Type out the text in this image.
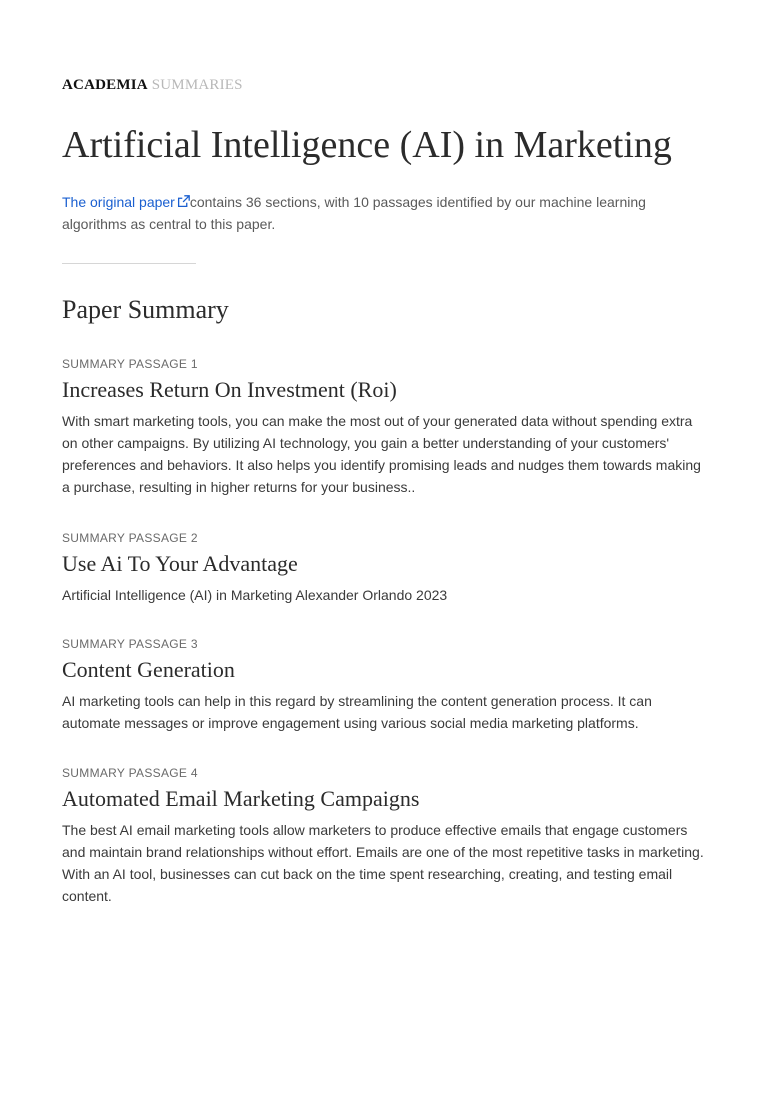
ACADEMIA SUMMARIES
Artificial Intelligence (AI) in Marketing
The original paper contains 36 sections, with 10 passages identified by our machine learning algorithms as central to this paper.
Paper Summary
SUMMARY PASSAGE 1
Increases Return On Investment (Roi)
With smart marketing tools, you can make the most out of your generated data without spending extra on other campaigns. By utilizing AI technology, you gain a better understanding of your customers' preferences and behaviors. It also helps you identify promising leads and nudges them towards making a purchase, resulting in higher returns for your business..
SUMMARY PASSAGE 2
Use Ai To Your Advantage
Artificial Intelligence (AI) in Marketing Alexander Orlando 2023
SUMMARY PASSAGE 3
Content Generation
AI marketing tools can help in this regard by streamlining the content generation process. It can automate messages or improve engagement using various social media marketing platforms.
SUMMARY PASSAGE 4
Automated Email Marketing Campaigns
The best AI email marketing tools allow marketers to produce effective emails that engage customers and maintain brand relationships without effort. Emails are one of the most repetitive tasks in marketing. With an AI tool, businesses can cut back on the time spent researching, creating, and testing email content.
